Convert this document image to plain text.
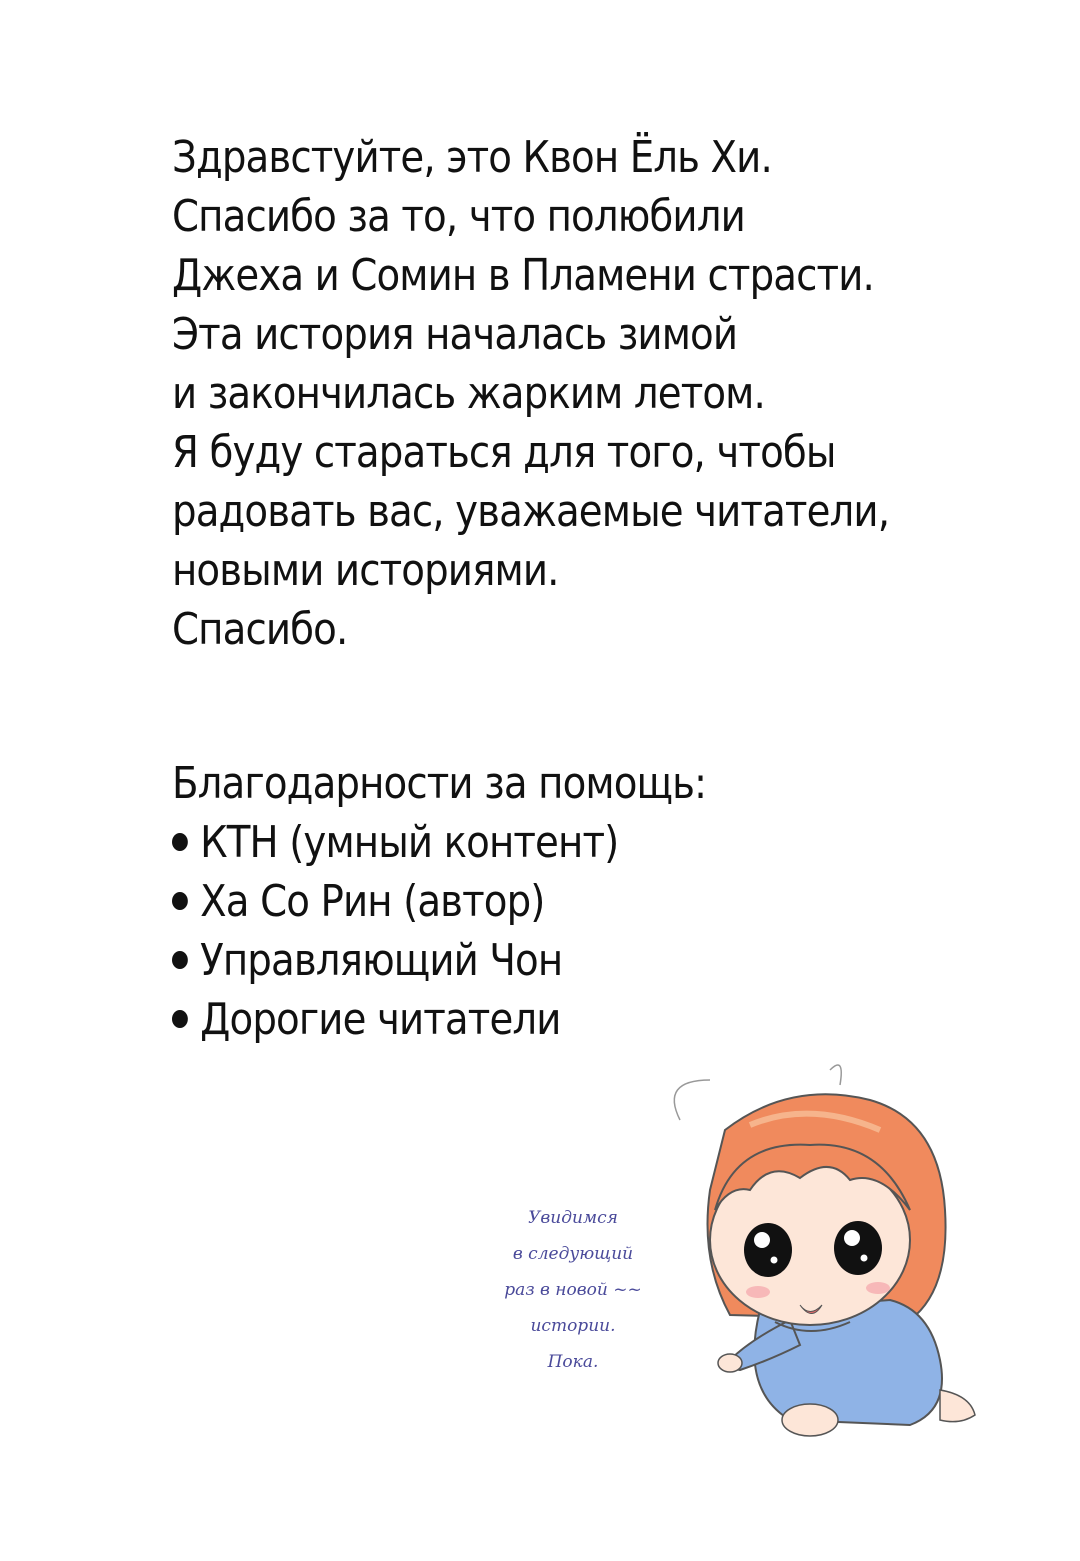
Здравстуйте, это Квон Ёль Хи.
Спасибо за то, что полюбили
Джеха и Сомин в Пламени страсти.
Эта история началась зимой
и закончилась жарким летом.
Я буду стараться для того, чтобы
радовать вас, уважаемые читатели,
новыми историями.
Спасибо.
Благодарности за помощь:
КТН (умный контент)
Ха Со Рин (автор)
Управляющий Чон
Дорогие читатели
Увидимся
в следующий
раз в новой ~~
истории.
Пока.
